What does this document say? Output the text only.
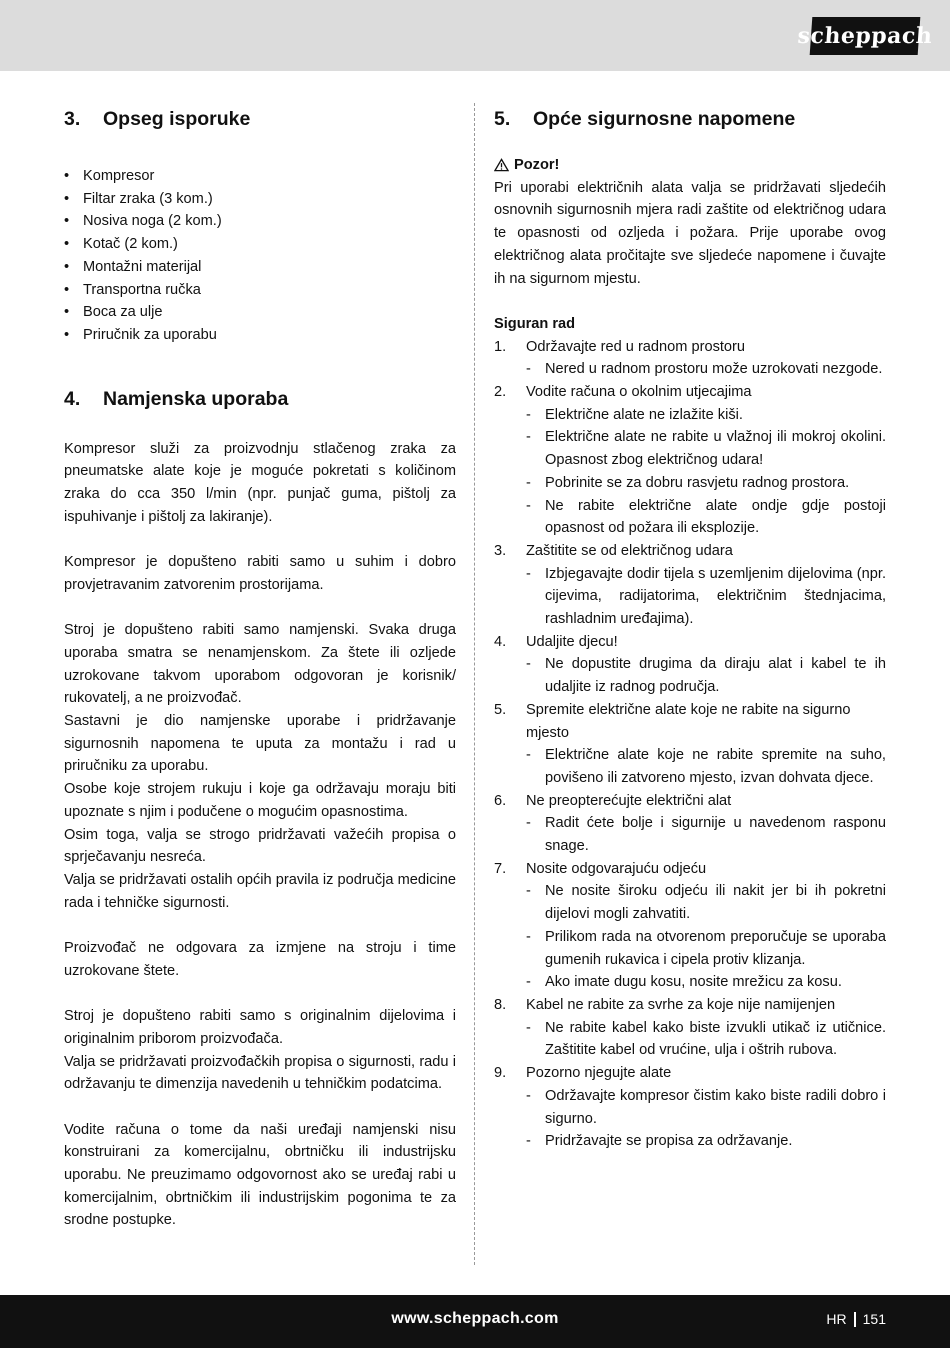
scheppach
3.	Opseg isporuke
• Kompresor
• Filtar zraka (3 kom.)
• Nosiva noga (2 kom.)
• Kotač (2 kom.)
• Montažni materijal
• Transportna ručka
• Boca za ulje
• Priručnik za uporabu
4.	Namjenska uporaba

Kompresor služi za proizvodnju stlačenog zraka za pneumatske alate koje je moguće pokretati s količinom zraka do cca 350 l/min (npr. punjač guma, pištolj za ispuhivanje i pištolj za lakiranje).

Kompresor je dopušteno rabiti samo u suhim i dobro provjetravanim zatvorenim prostorijama.

Stroj je dopušteno rabiti samo namjenski. Svaka druga uporaba smatra se nenamjenskom. Za štete ili ozljede uzrokovane takvom uporabom odgovoran je korisnik/ rukovatelj, a ne proizvođač.

Sastavni je dio namjenske uporabe i pridržavanje sigurnosnih napomena te uputa za montažu i rad u priručniku za uporabu.

Osobe koje strojem rukuju i koje ga održavaju moraju biti upoznate s njim i podučene o mogućim opasnostima.

Osim toga, valja se strogo pridržavati važećih propisa o sprječavanju nesreća.

Valja se pridržavati ostalih općih pravila iz područja medicine rada i tehničke sigurnosti.

Proizvođač ne odgovara za izmjene na stroju i time uzrokovane štete.

Stroj je dopušteno rabiti samo s originalnim dijelovima i originalnim priborom proizvođača.

Valja se pridržavati proizvođačkih propisa o sigurnosti, radu i održavanju te dimenzija navedenih u tehničkim podatcima.

Vodite računa o tome da naši uređaji namjenski nisu konstruirani za komercijalnu, obrtničku ili industrijsku uporabu. Ne preuzimamo odgovornost ako se uređaj rabi u komercijalnim, obrtničkim ili industrijskim pogonima te za srodne postupke.

5.	Opće sigurnosne napomene
Pozor!

Pri uporabi električnih alata valja se pridržavati sljedećih osnovnih sigurnosnih mjera radi zaštite od električnog udara te opasnosti od ozljeda i požara. Prije uporabe ovog električnog alata pročitajte sve sljedeće napomene i čuvajte ih na sigurnom mjestu.

Siguran rad
1.	Održavajte red u radnom prostoru
- Nered u radnom prostoru može uzrokovati nezgode.
2.	Vodite računa o okolnim utjecajima
- Električne alate ne izlažite kiši.
- Električne alate ne rabite u vlažnoj ili mokroj okolini. Opasnost zbog električnog udara!
- Pobrinite se za dobru rasvjetu radnog prostora.
- Ne rabite električne alate ondje gdje postoji opasnost od požara ili eksplozije.
3.	Zaštitite se od električnog udara
- Izbjegavajte dodir tijela s uzemljenim dijelovima (npr. cijevima, radijatorima, električnim štednjacima, rashladnim uređajima).
4.	Udaljite djecu!
- Ne dopustite drugima da diraju alat i kabel te ih udaljite iz radnog područja.
5.	Spremite električne alate koje ne rabite na sigurno mjesto
- Električne alate koje ne rabite spremite na suho, povišeno ili zatvoreno mjesto, izvan dohvata djece.
6.	Ne preopterećujte električni alat
- Radit ćete bolje i sigurnije u navedenom rasponu snage.
7.	Nosite odgovarajuću odjeću
- Ne nosite široku odjeću ili nakit jer bi ih pokretni dijelovi mogli zahvatiti.
- Prilikom rada na otvorenom preporučuje se uporaba gumenih rukavica i cipela protiv klizanja.
- Ako imate dugu kosu, nosite mrežicu za kosu.
8.	Kabel ne rabite za svrhe za koje nije namijenjen
- Ne rabite kabel kako biste izvukli utikač iz utičnice. Zaštitite kabel od vrućine, ulja i oštrih rubova.
9.	Pozorno njegujte alate
- Održavajte kompresor čistim kako biste radili dobro i sigurno.
- Pridržavajte se propisa za održavanje.
www.scheppach.com	HR 151
